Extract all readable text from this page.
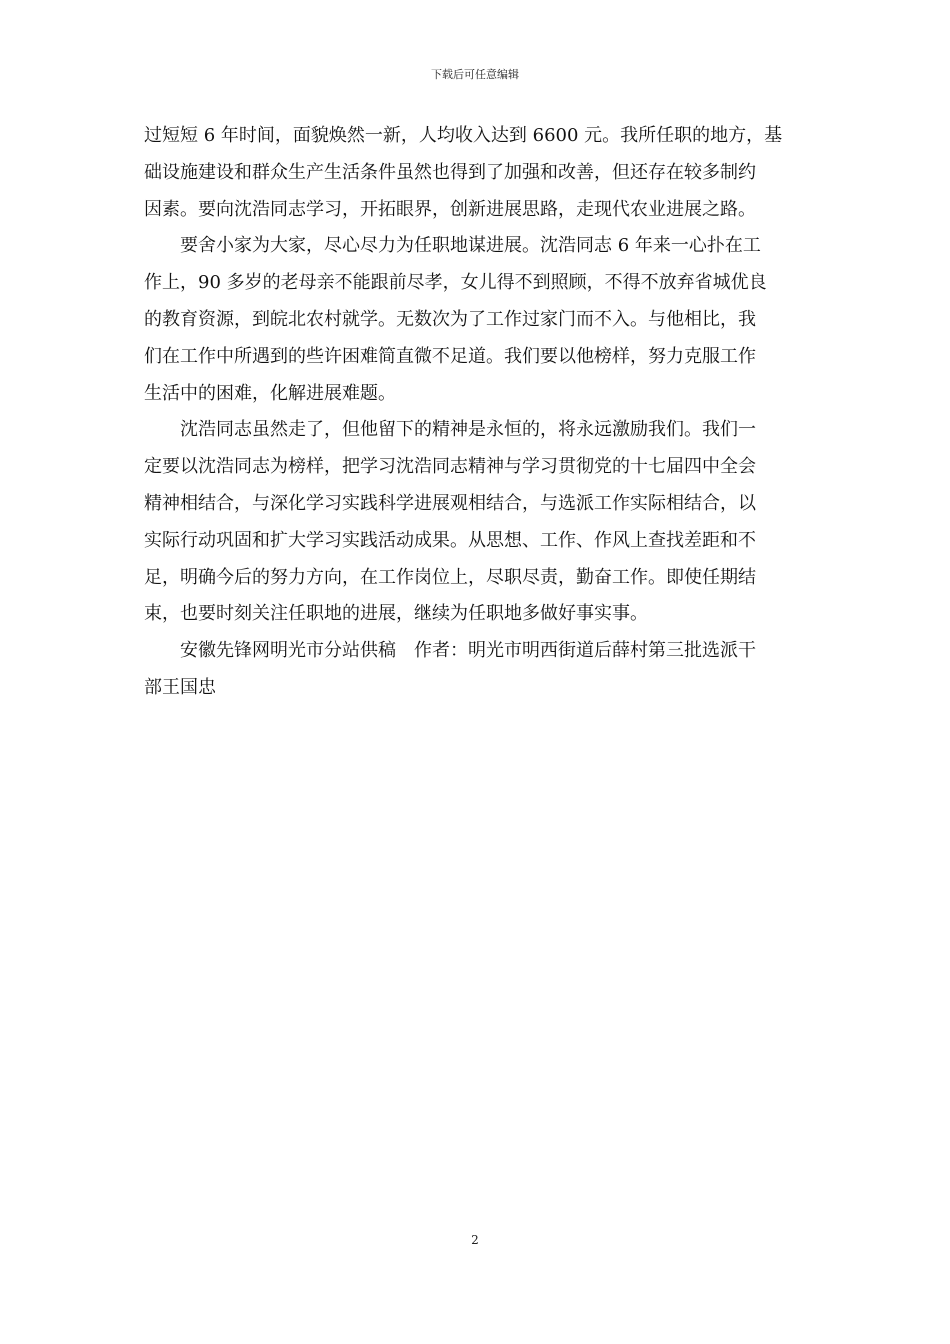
下载后可任意编辑
过短短 6 年时间，面貌焕然一新，人均收入达到 6600 元。我所任职的地方，基
础设施建设和群众生产生活条件虽然也得到了加强和改善，但还存在较多制约
因素。要向沈浩同志学习，开拓眼界，创新进展思路，走现代农业进展之路。
要舍小家为大家，尽心尽力为任职地谋进展。沈浩同志 6 年来一心扑在工
作上，90 多岁的老母亲不能跟前尽孝，女儿得不到照顾，不得不放弃省城优良
的教育资源，到皖北农村就学。无数次为了工作过家门而不入。与他相比，我
们在工作中所遇到的些许困难简直微不足道。我们要以他榜样，努力克服工作
生活中的困难，化解进展难题。
沈浩同志虽然走了，但他留下的精神是永恒的，将永远激励我们。我们一
定要以沈浩同志为榜样，把学习沈浩同志精神与学习贯彻党的十七届四中全会
精神相结合，与深化学习实践科学进展观相结合，与选派工作实际相结合，以
实际行动巩固和扩大学习实践活动成果。从思想、工作、作风上查找差距和不
足，明确今后的努力方向，在工作岗位上，尽职尽责，勤奋工作。即使任期结
束，也要时刻关注任职地的进展，继续为任职地多做好事实事。
安徽先锋网明光市分站供稿　作者：明光市明西街道后薛村第三批选派干
部王国忠
2
